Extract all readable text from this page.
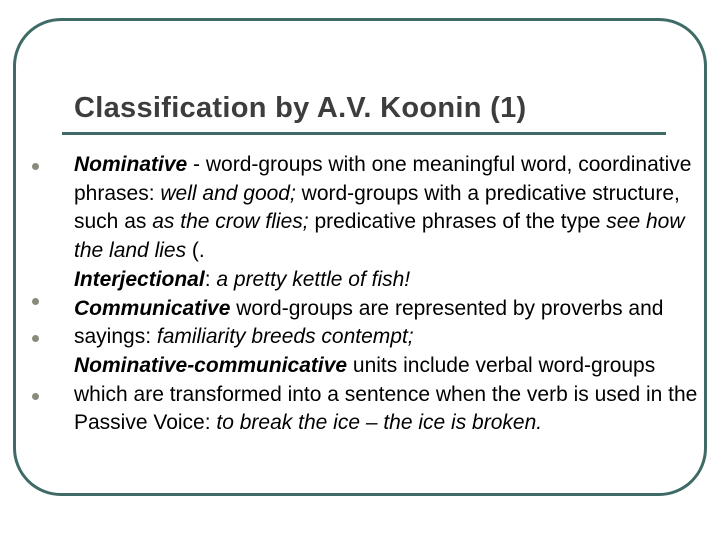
Classification by A.V. Koonin (1)

Nominative - word-groups with one meaningful word, coordinative phrases: well and good; word-groups with a predicative structure, such as as the crow flies; predicative phrases of the type see how the land lies (.

Interjectional: a pretty kettle of fish!

Communicative word-groups are represented by proverbs and sayings: familiarity breeds contempt;

Nominative-communicative units include verbal word-groups which are transformed into a sentence when the verb is used in the Passive Voice: to break the ice – the ice is broken.
